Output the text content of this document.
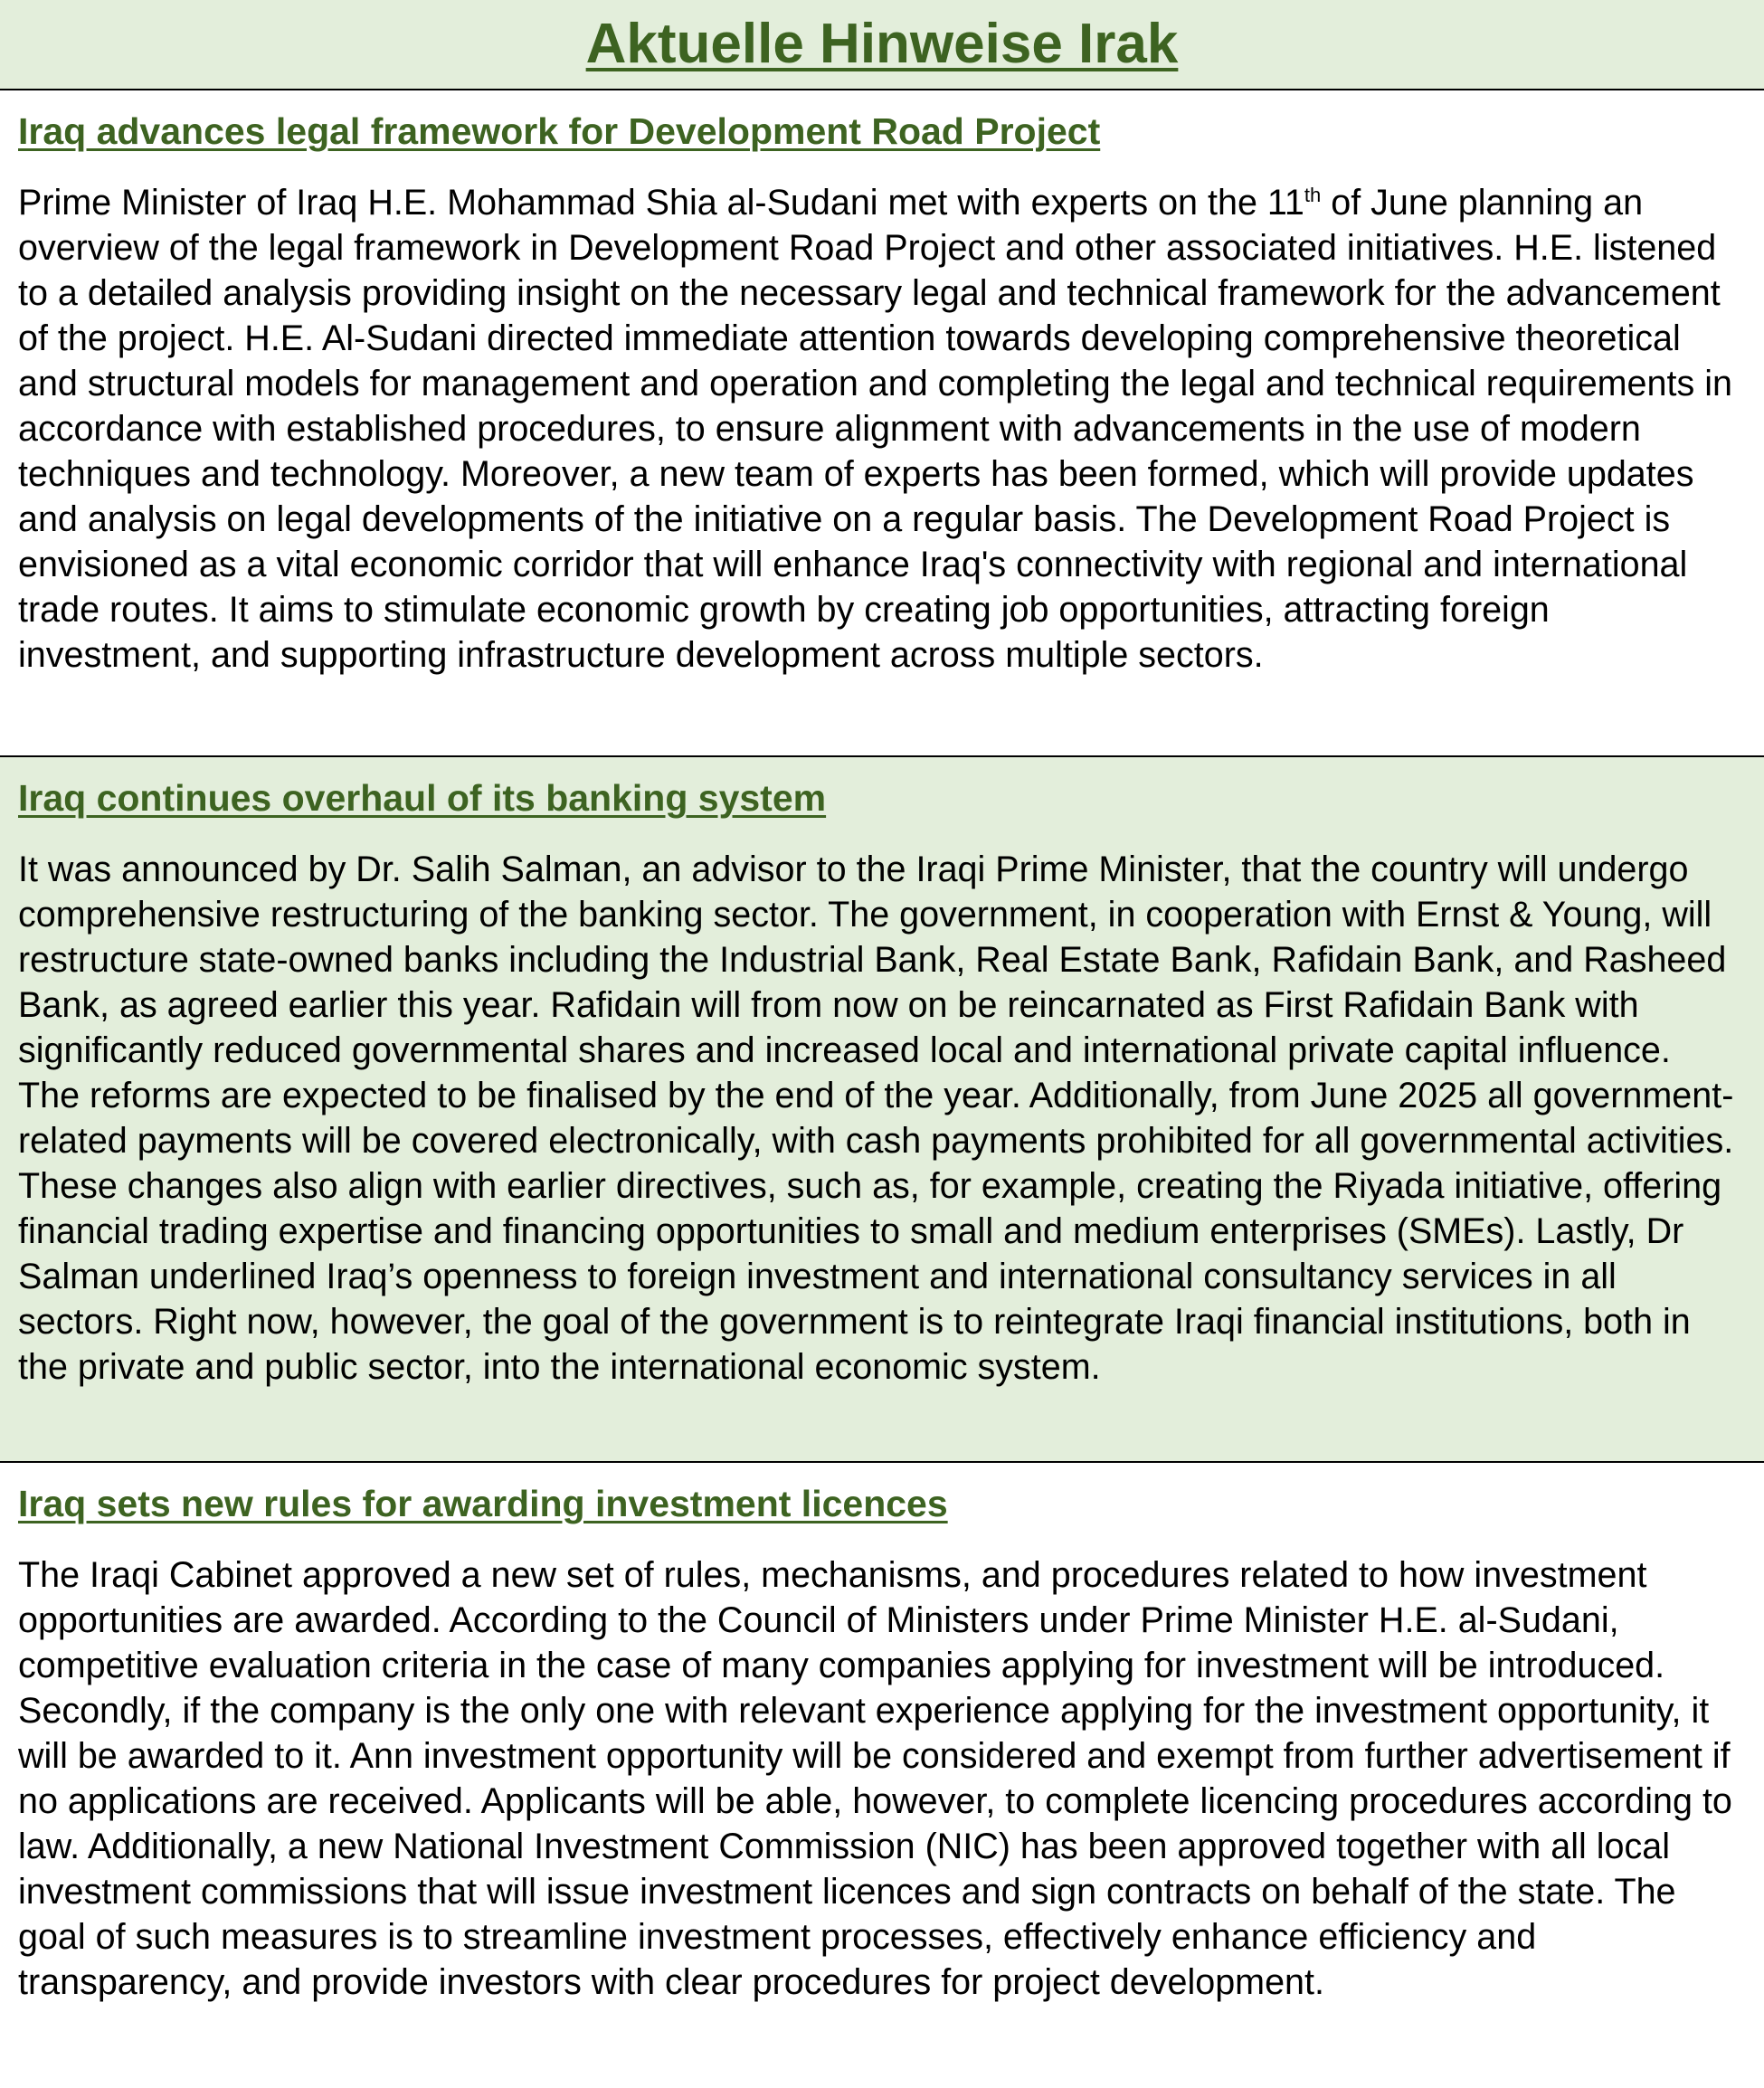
Aktuelle Hinweise Irak
Iraq advances legal framework for Development Road Project

Prime Minister of Iraq H.E. Mohammad Shia al-Sudani met with experts on the 11th of June planning an overview of the legal framework in Development Road Project and other associated initiatives. H.E. listened to a detailed analysis providing insight on the necessary legal and technical framework for the advancement of the project. H.E. Al-Sudani directed immediate attention towards developing comprehensive theoretical and structural models for management and operation and completing the legal and technical requirements in accordance with established procedures, to ensure alignment with advancements in the use of modern techniques and technology. Moreover, a new team of experts has been formed, which will provide updates and analysis on legal developments of the initiative on a regular basis. The Development Road Project is envisioned as a vital economic corridor that will enhance Iraq's connectivity with regional and international trade routes. It aims to stimulate economic growth by creating job opportunities, attracting foreign investment, and supporting infrastructure development across multiple sectors.

Iraq continues overhaul of its banking system

It was announced by Dr. Salih Salman, an advisor to the Iraqi Prime Minister, that the country will undergo comprehensive restructuring of the banking sector. The government, in cooperation with Ernst & Young, will restructure state-owned banks including the Industrial Bank, Real Estate Bank, Rafidain Bank, and Rasheed Bank, as agreed earlier this year. Rafidain will from now on be reincarnated as First Rafidain Bank with significantly reduced governmental shares and increased local and international private capital influence. The reforms are expected to be finalised by the end of the year. Additionally, from June 2025 all government-related payments will be covered electronically, with cash payments prohibited for all governmental activities. These changes also align with earlier directives, such as, for example, creating the Riyada initiative, offering financial trading expertise and financing opportunities to small and medium enterprises (SMEs). Lastly, Dr Salman underlined Iraq’s openness to foreign investment and international consultancy services in all sectors. Right now, however, the goal of the government is to reintegrate Iraqi financial institutions, both in the private and public sector, into the international economic system.

Iraq sets new rules for awarding investment licences

The Iraqi Cabinet approved a new set of rules, mechanisms, and procedures related to how investment opportunities are awarded. According to the Council of Ministers under Prime Minister H.E. al-Sudani, competitive evaluation criteria in the case of many companies applying for investment will be introduced. Secondly, if the company is the only one with relevant experience applying for the investment opportunity, it will be awarded to it. Ann investment opportunity will be considered and exempt from further advertisement if no applications are received. Applicants will be able, however, to complete licencing procedures according to law. Additionally, a new National Investment Commission (NIC) has been approved together with all local investment commissions that will issue investment licences and sign contracts on behalf of the state. The goal of such measures is to streamline investment processes, effectively enhance efficiency and transparency, and provide investors with clear procedures for project development.
